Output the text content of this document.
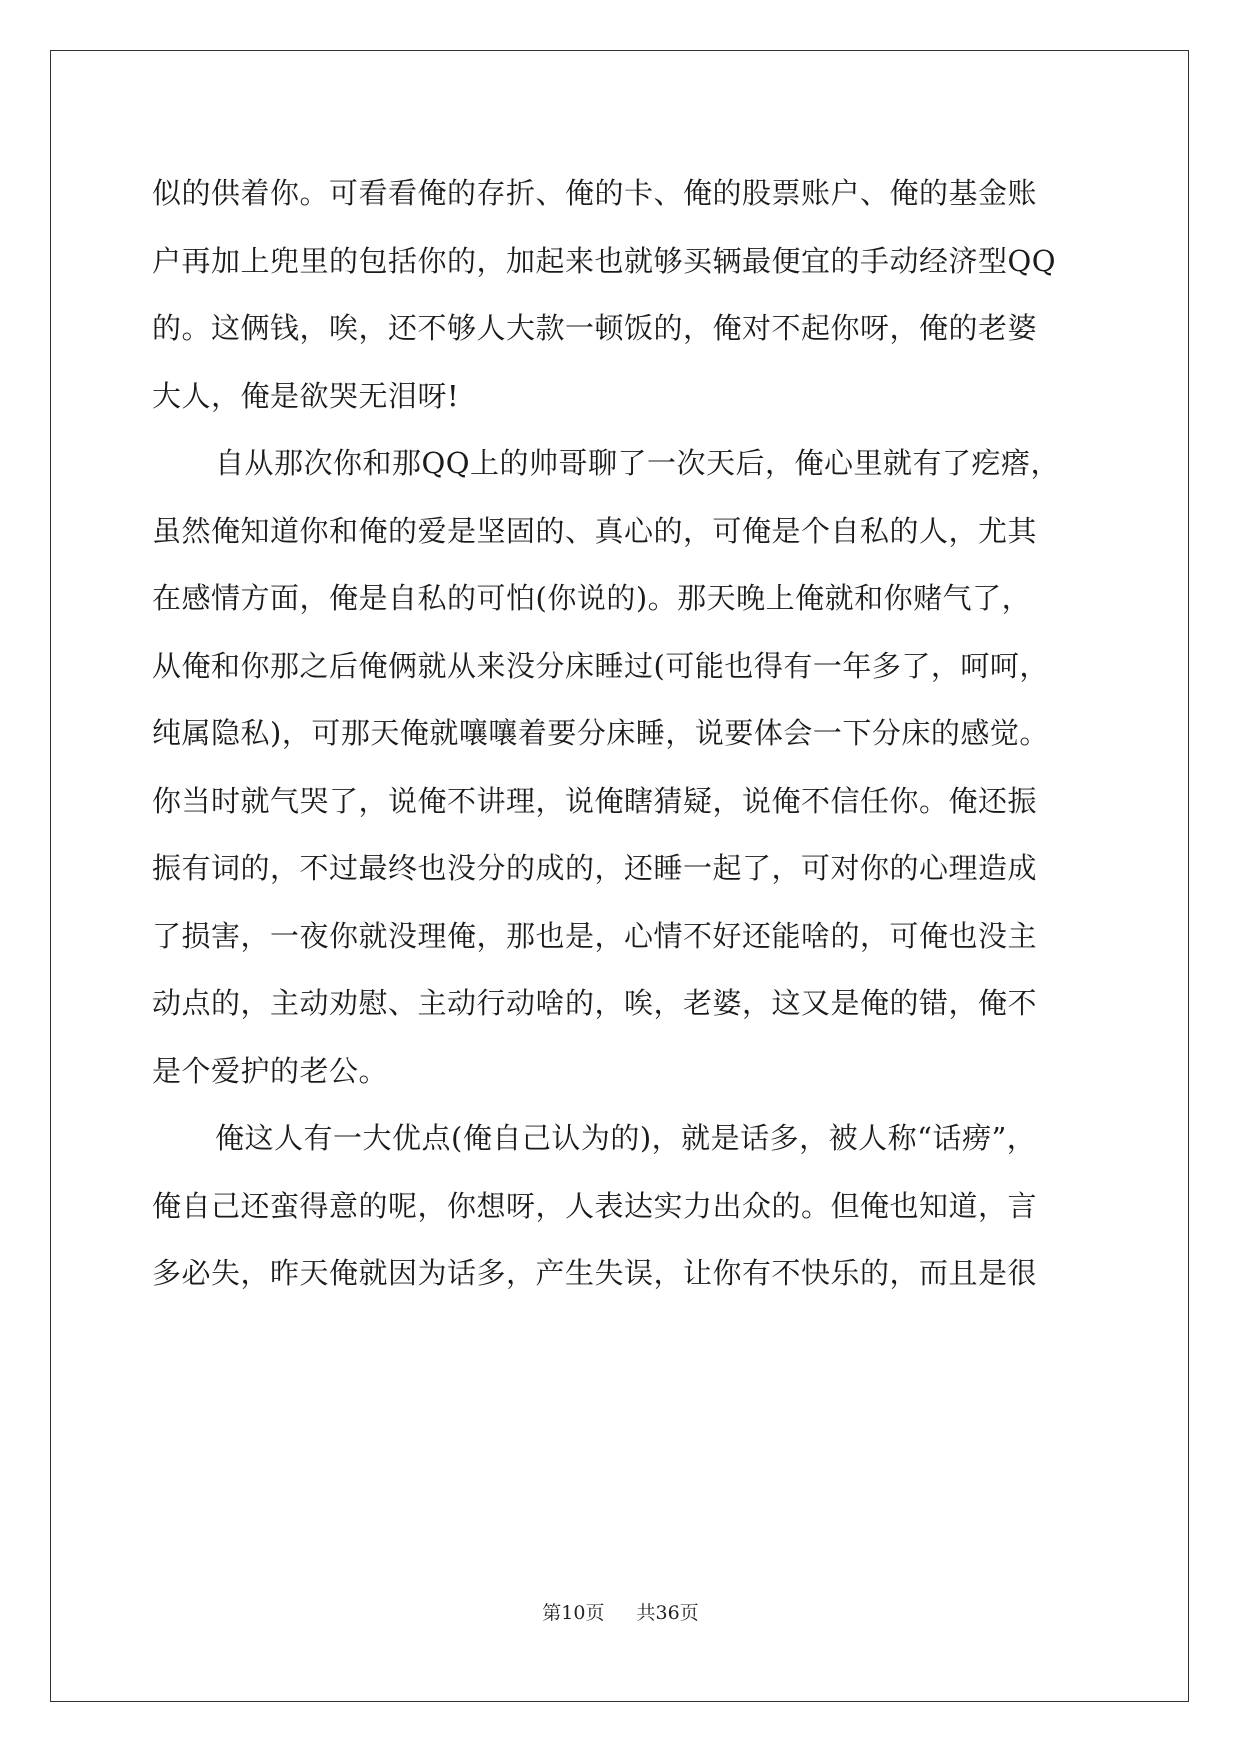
似的供着你。可看看俺的存折、俺的卡、俺的股票账户、俺的基金账
户再加上兜里的包括你的，加起来也就够买辆最便宜的手动经济型QQ
的。这俩钱，唉，还不够人大款一顿饭的，俺对不起你呀，俺的老婆
大人，俺是欲哭无泪呀!
自从那次你和那QQ上的帅哥聊了一次天后，俺心里就有了疙瘩，
虽然俺知道你和俺的爱是坚固的、真心的，可俺是个自私的人，尤其
在感情方面，俺是自私的可怕(你说的)。那天晚上俺就和你赌气了，
从俺和你那之后俺俩就从来没分床睡过(可能也得有一年多了，呵呵，
纯属隐私)，可那天俺就嚷嚷着要分床睡，说要体会一下分床的感觉。
你当时就气哭了，说俺不讲理，说俺瞎猜疑，说俺不信任你。俺还振
振有词的，不过最终也没分的成的，还睡一起了，可对你的心理造成
了损害，一夜你就没理俺，那也是，心情不好还能啥的，可俺也没主
动点的，主动劝慰、主动行动啥的，唉，老婆，这又是俺的错，俺不
是个爱护的老公。
俺这人有一大优点(俺自己认为的)，就是话多，被人称“话痨”，
俺自己还蛮得意的呢，你想呀，人表达实力出众的。但俺也知道，言
多必失，昨天俺就因为话多，产生失误，让你有不快乐的，而且是很
第10页 共36页
